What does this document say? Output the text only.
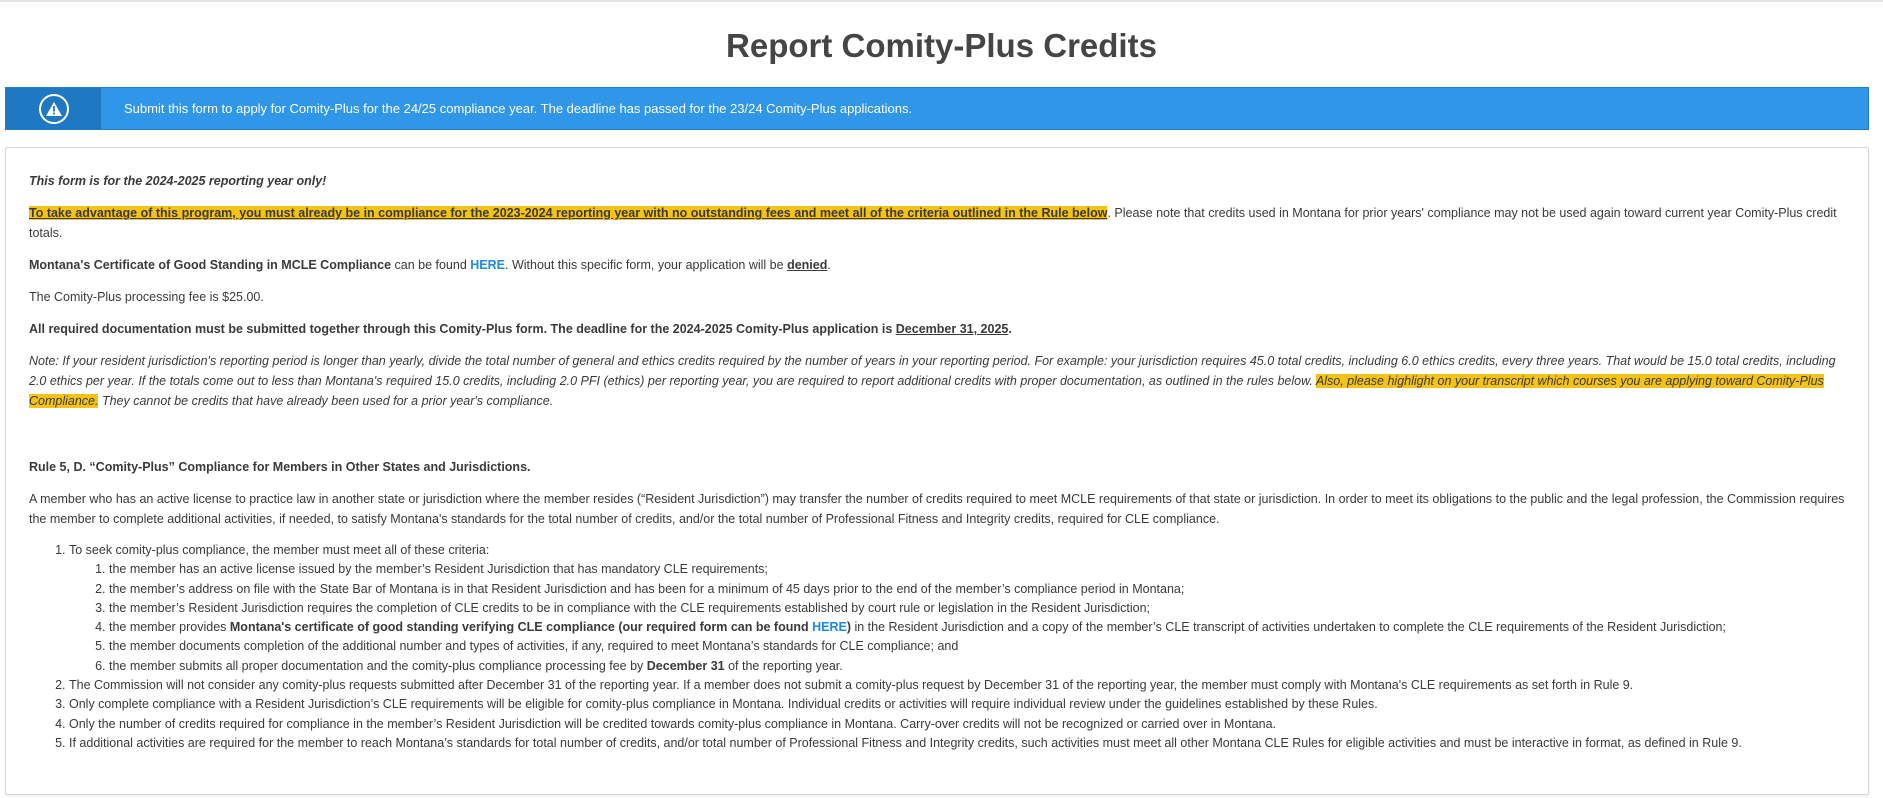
Report Comity-Plus Credits
Submit this form to apply for Comity-Plus for the 24/25 compliance year. The deadline has passed for the 23/24 Comity-Plus applications.

This form is for the 2024-2025 reporting year only!

To take advantage of this program, you must already be in compliance for the 2023-2024 reporting year with no outstanding fees and meet all of the criteria outlined in the Rule below. Please note that credits used in Montana for prior years' compliance may not be used again toward current year Comity-Plus credit totals.

Montana's Certificate of Good Standing in MCLE Compliance can be found HERE. Without this specific form, your application will be denied.

The Comity-Plus processing fee is $25.00.

All required documentation must be submitted together through this Comity-Plus form. The deadline for the 2024-2025 Comity-Plus application is December 31, 2025.

Note: If your resident jurisdiction's reporting period is longer than yearly, divide the total number of general and ethics credits required by the number of years in your reporting period. For example: your jurisdiction requires 45.0 total credits, including 6.0 ethics credits, every three years. That would be 15.0 total credits, including 2.0 ethics per year. If the totals come out to less than Montana's required 15.0 credits, including 2.0 PFI (ethics) per reporting year, you are required to report additional credits with proper documentation, as outlined in the rules below. Also, please highlight on your transcript which courses you are applying toward Comity-Plus Compliance. They cannot be credits that have already been used for a prior year's compliance.

Rule 5, D. “Comity-Plus” Compliance for Members in Other States and Jurisdictions.

A member who has an active license to practice law in another state or jurisdiction where the member resides (“Resident Jurisdiction”) may transfer the number of credits required to meet MCLE requirements of that state or jurisdiction. In order to meet its obligations to the public and the legal profession, the Commission requires the member to complete additional activities, if needed, to satisfy Montana's standards for the total number of credits, and/or the total number of Professional Fitness and Integrity credits, required for CLE compliance.

1. To seek comity-plus compliance, the member must meet all of these criteria:
1. the member has an active license issued by the member’s Resident Jurisdiction that has mandatory CLE requirements;
2. the member’s address on file with the State Bar of Montana is in that Resident Jurisdiction and has been for a minimum of 45 days prior to the end of the member’s compliance period in Montana;
3. the member’s Resident Jurisdiction requires the completion of CLE credits to be in compliance with the CLE requirements established by court rule or legislation in the Resident Jurisdiction;
4. the member provides Montana's certificate of good standing verifying CLE compliance (our required form can be found HERE) in the Resident Jurisdiction and a copy of the member’s CLE transcript of activities undertaken to complete the CLE requirements of the Resident Jurisdiction;
5. the member documents completion of the additional number and types of activities, if any, required to meet Montana’s standards for CLE compliance; and
6. the member submits all proper documentation and the comity-plus compliance processing fee by December 31 of the reporting year.
2. The Commission will not consider any comity-plus requests submitted after December 31 of the reporting year. If a member does not submit a comity-plus request by December 31 of the reporting year, the member must comply with Montana's CLE requirements as set forth in Rule 9.
3. Only complete compliance with a Resident Jurisdiction’s CLE requirements will be eligible for comity-plus compliance in Montana. Individual credits or activities will require individual review under the guidelines established by these Rules.
4. Only the number of credits required for compliance in the member’s Resident Jurisdiction will be credited towards comity-plus compliance in Montana. Carry-over credits will not be recognized or carried over in Montana.
5. If additional activities are required for the member to reach Montana’s standards for total number of credits, and/or total number of Professional Fitness and Integrity credits, such activities must meet all other Montana CLE Rules for eligible activities and must be interactive in format, as defined in Rule 9.
